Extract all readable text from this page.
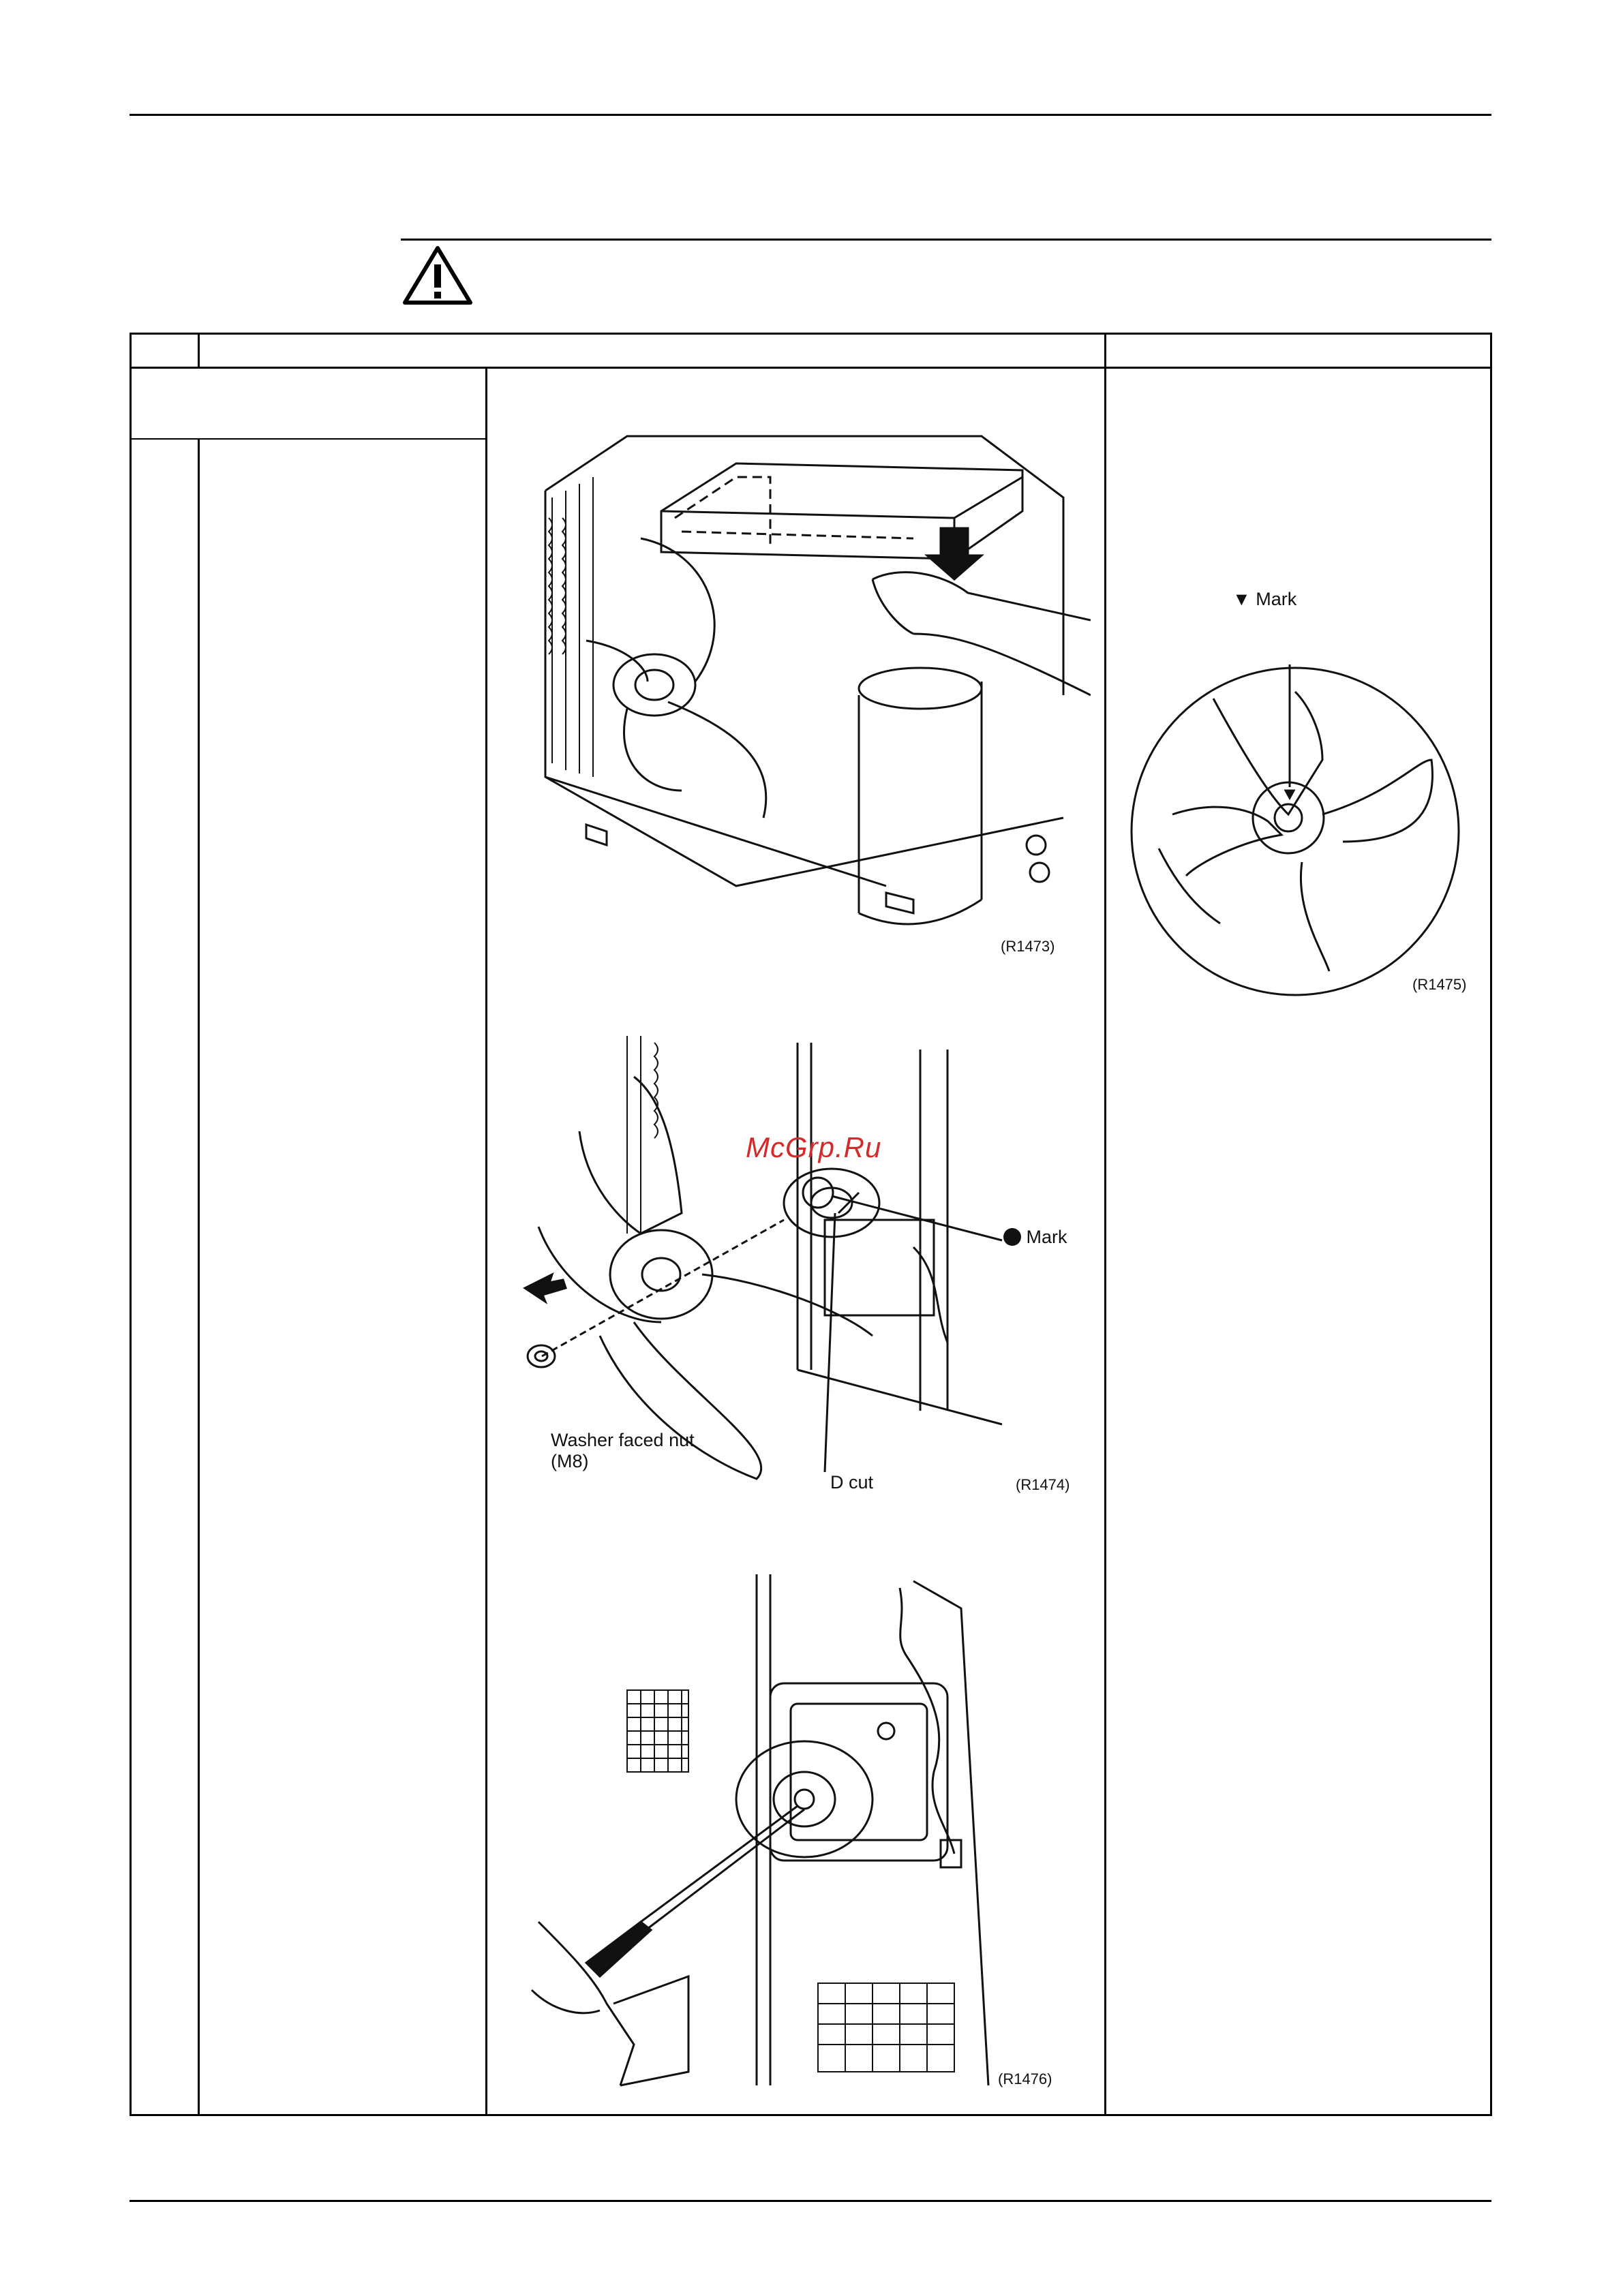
(R1473)
▼ Mark
(R1475)
McGrp.Ru
Mark
Washer faced nut
(M8)
D cut	(R1474)
(R1476)
